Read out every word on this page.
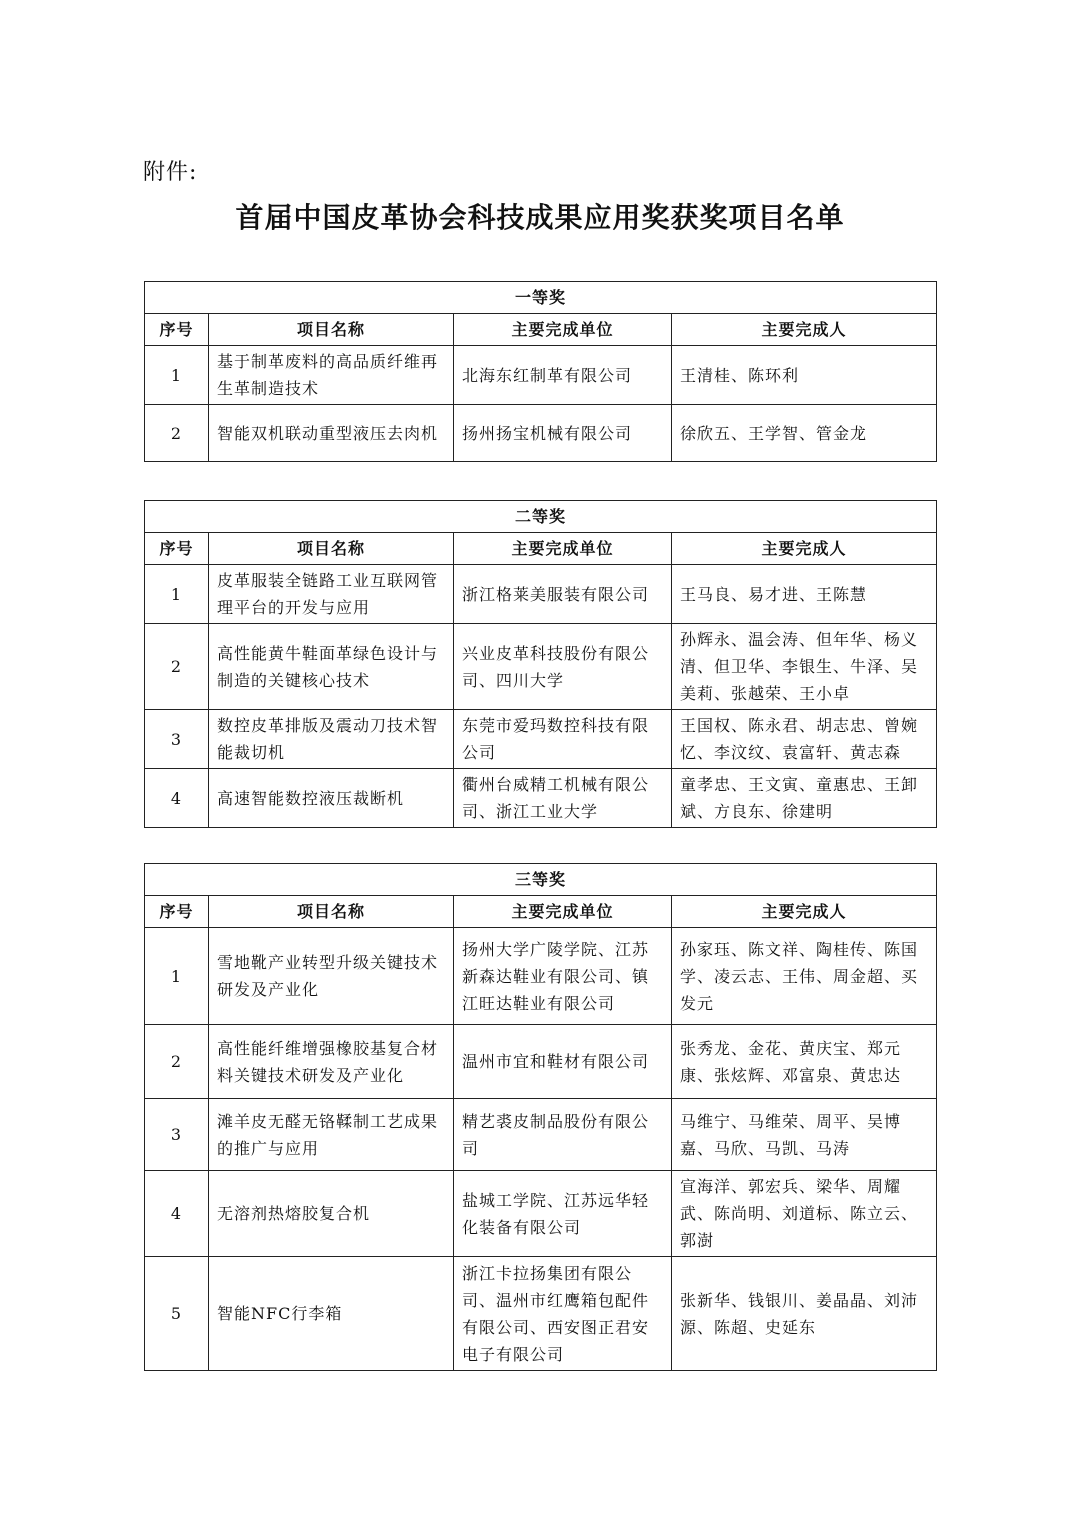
附件:
首届中国皮革协会科技成果应用奖获奖项目名单
一等奖			
序号	项目名称	主要完成单位	主要完成人
1	基于制革废料的高品质纤维再生革制造技术	北海东红制革有限公司	王清桂、陈环利
2	智能双机联动重型液压去肉机	扬州扬宝机械有限公司	徐欣五、王学智、管金龙
二等奖			
序号	项目名称	主要完成单位	主要完成人
1	皮革服装全链路工业互联网管理平台的开发与应用	浙江格莱美服装有限公司	王马良、易才进、王陈慧
2	高性能黄牛鞋面革绿色设计与制造的关键核心技术	兴业皮革科技股份有限公司、四川大学	孙辉永、温会涛、但年华、杨义清、但卫华、李银生、牛泽、吴美莉、张越荣、王小卓
3	数控皮革排版及震动刀技术智能裁切机	东莞市爱玛数控科技有限公司	王国权、陈永君、胡志忠、曾婉忆、李汶纹、袁富轩、黄志森
4	高速智能数控液压裁断机	衢州台威精工机械有限公司、浙江工业大学	童孝忠、王文寅、童惠忠、王卸斌、方良东、徐建明
三等奖			
序号	项目名称	主要完成单位	主要完成人
1	雪地靴产业转型升级关键技术研发及产业化	扬州大学广陵学院、江苏新森达鞋业有限公司、镇江旺达鞋业有限公司	孙家珏、陈文祥、陶桂传、陈国学、凌云志、王伟、周金超、买发元
2	高性能纤维增强橡胶基复合材料关键技术研发及产业化	温州市宜和鞋材有限公司	张秀龙、金花、黄庆宝、郑元康、张炫辉、邓富泉、黄忠达
3	滩羊皮无醛无铬鞣制工艺成果的推广与应用	精艺裘皮制品股份有限公司	马维宁、马维荣、周平、吴博嘉、马欣、马凯、马涛
4	无溶剂热熔胶复合机	盐城工学院、江苏远华轻化装备有限公司	宣海洋、郭宏兵、梁华、周耀武、陈尚明、刘道标、陈立云、郭澍
5	智能NFC行李箱	浙江卡拉扬集团有限公司、温州市红鹰箱包配件有限公司、西安图正君安电子有限公司	张新华、钱银川、姜晶晶、刘沛源、陈超、史延东
